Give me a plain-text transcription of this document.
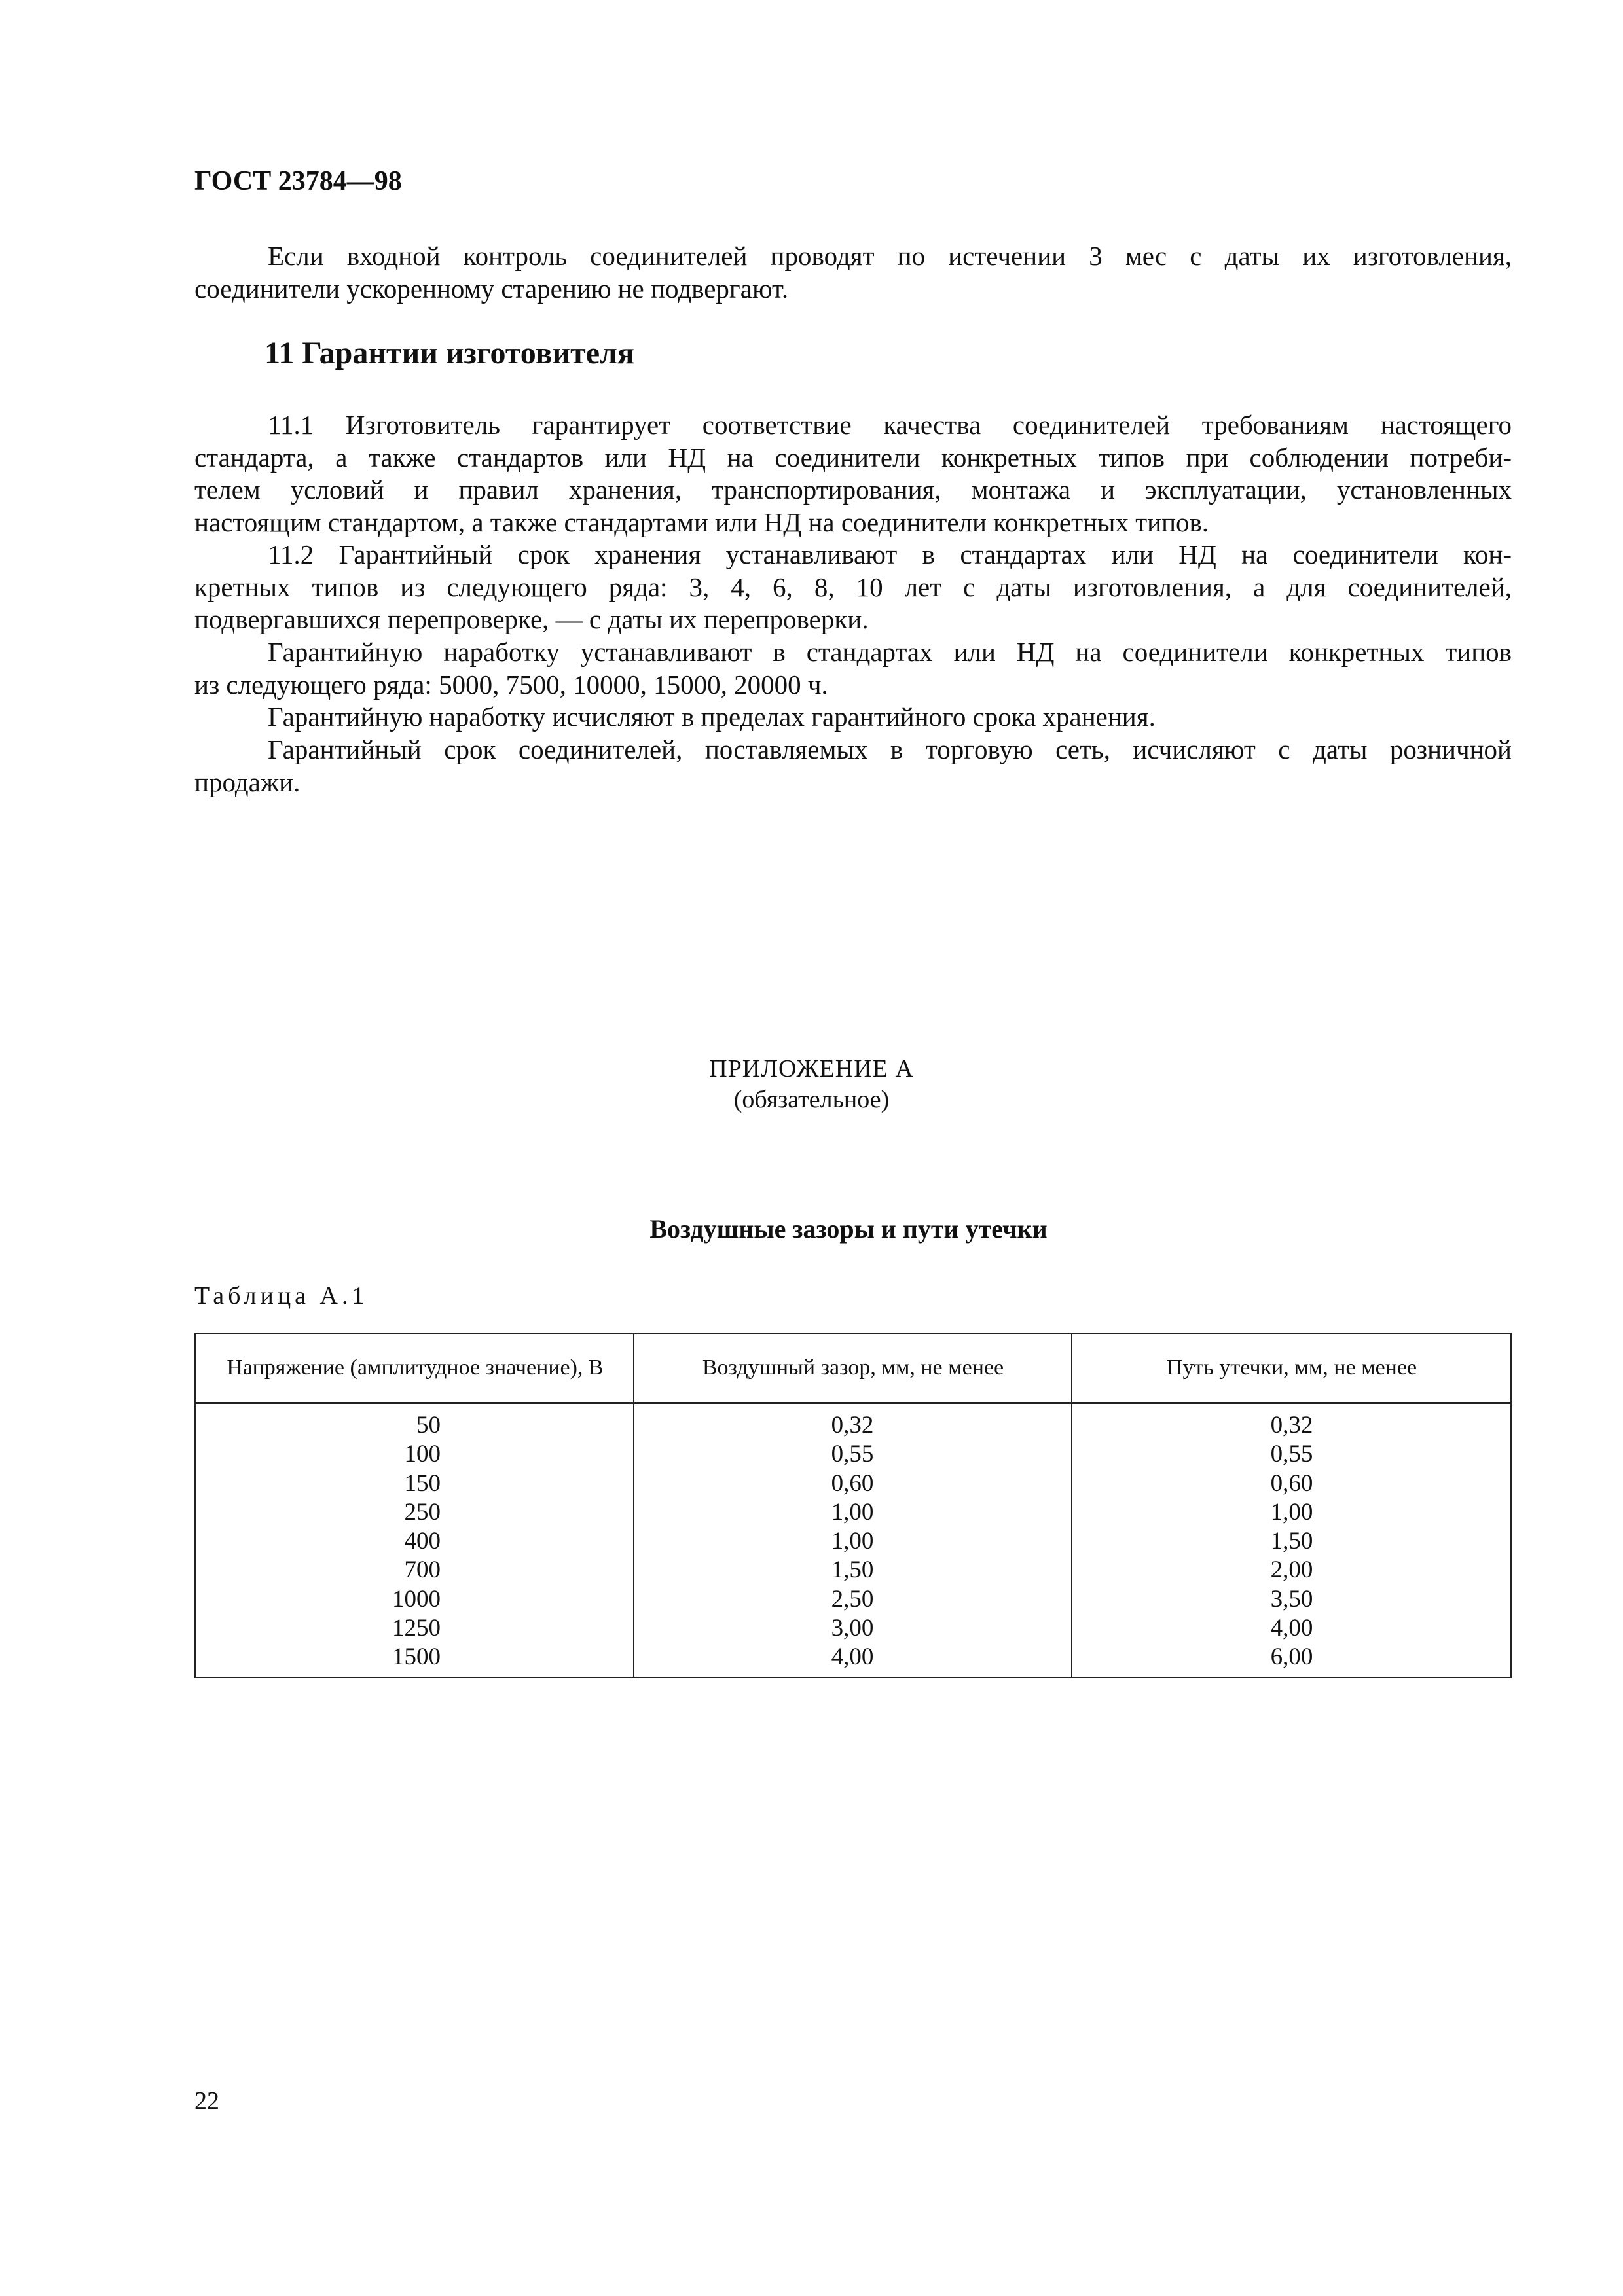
ГОСТ 23784—98
Если входной контроль соединителей проводят по истечении 3 мес с даты их изготовления,
соединители ускоренному старению не подвергают.
11 Гарантии изготовителя
11.1 Изготовитель гарантирует соответствие качества соединителей требованиям настоящего
стандарта, а также стандартов или НД на соединители конкретных типов при соблюдении потреби-
телем условий и правил хранения, транспортирования, монтажа и эксплуатации, установленных
настоящим стандартом, а также стандартами или НД на соединители конкретных типов.
11.2 Гарантийный срок хранения устанавливают в стандартах или НД на соединители кон-
кретных типов из следующего ряда: 3, 4, 6, 8, 10 лет с даты изготовления, а для соединителей,
подвергавшихся перепроверке, — с даты их перепроверки.
Гарантийную наработку устанавливают в стандартах или НД на соединители конкретных типов
из следующего ряда: 5000, 7500, 10000, 15000, 20000 ч.
Гарантийную наработку исчисляют в пределах гарантийного срока хранения.
Гарантийный срок соединителей, поставляемых в торговую сеть, исчисляют с даты розничной
продажи.
ПРИЛОЖЕНИЕ А
(обязательное)
Воздушные зазоры и пути утечки
Таблица А.1
Напряжение (амплитудное значение), В	Воздушный зазор, мм, не менее	Путь утечки, мм, не менее
50
100
150
250
400
700
1000
1250
1500
0,32
0,55
0,60
1,00
1,00
1,50
2,50
3,00
4,00
0,32
0,55
0,60
1,00
1,50
2,00
3,50
4,00
6,00
22
